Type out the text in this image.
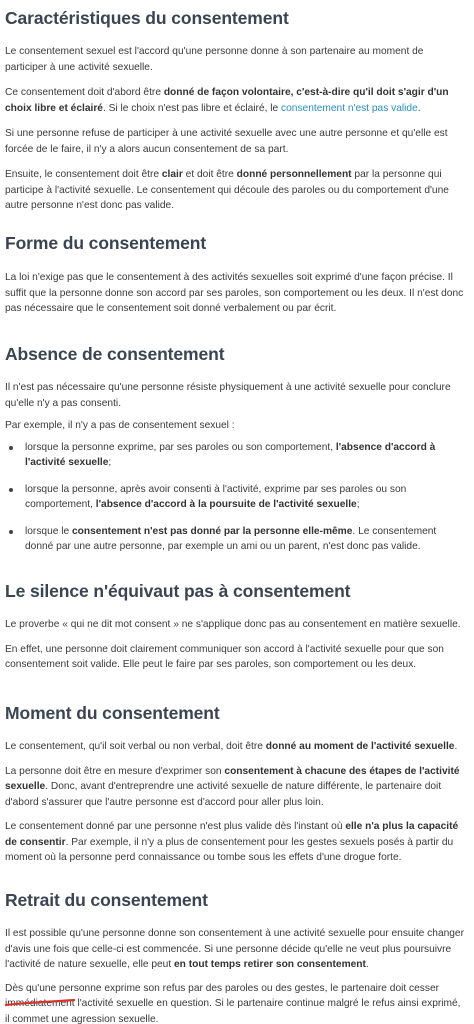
Caractéristiques du consentement

Le consentement sexuel est l'accord qu'une personne donne à son partenaire au moment de participer à une activité sexuelle.

Ce consentement doit d'abord être donné de façon volontaire, c'est-à-dire qu'il doit s'agir d'un choix libre et éclairé. Si le choix n'est pas libre et éclairé, le consentement n'est pas valide.

Si une personne refuse de participer à une activité sexuelle avec une autre personne et qu'elle est forcée de le faire, il n'y a alors aucun consentement de sa part.

Ensuite, le consentement doit être clair et doit être donné personnellement par la personne qui participe à l'activité sexuelle. Le consentement qui découle des paroles ou du comportement d'une autre personne n'est donc pas valide.

Forme du consentement

La loi n'exige pas que le consentement à des activités sexuelles soit exprimé d'une façon précise. Il suffit que la personne donne son accord par ses paroles, son comportement ou les deux. Il n'est donc pas nécessaire que le consentement soit donné verbalement ou par écrit.

Absence de consentement

Il n'est pas nécessaire qu'une personne résiste physiquement à une activité sexuelle pour conclure qu'elle n'y a pas consenti.

Par exemple, il n'y a pas de consentement sexuel :

lorsque la personne exprime, par ses paroles ou son comportement, l'absence d'accord à l'activité sexuelle;
lorsque la personne, après avoir consenti à l'activité, exprime par ses paroles ou son comportement, l'absence d'accord à la poursuite de l'activité sexuelle;
lorsque le consentement n'est pas donné par la personne elle-même. Le consentement donné par une autre personne, par exemple un ami ou un parent, n'est donc pas valide.
Le silence n'équivaut pas à consentement

Le proverbe « qui ne dit mot consent » ne s'applique donc pas au consentement en matière sexuelle.

En effet, une personne doit clairement communiquer son accord à l'activité sexuelle pour que son consentement soit valide. Elle peut le faire par ses paroles, son comportement ou les deux.

Moment du consentement

Le consentement, qu'il soit verbal ou non verbal, doit être donné au moment de l'activité sexuelle.

La personne doit être en mesure d'exprimer son consentement à chacune des étapes de l'activité sexuelle. Donc, avant d'entreprendre une activité sexuelle de nature différente, le partenaire doit d'abord s'assurer que l'autre personne est d'accord pour aller plus loin.

Le consentement donné par une personne n'est plus valide dès l'instant où elle n'a plus la capacité de consentir. Par exemple, il n'y a plus de consentement pour les gestes sexuels posés à partir du moment où la personne perd connaissance ou tombe sous les effets d'une drogue forte.

Retrait du consentement

Il est possible qu'une personne donne son consentement à une activité sexuelle pour ensuite changer d'avis une fois que celle-ci est commencée. Si une personne décide qu'elle ne veut plus poursuivre l'activité de nature sexuelle, elle peut en tout temps retirer son consentement.

Dès qu'une personne exprime son refus par des paroles ou des gestes, le partenaire doit cesser immédiatement l'activité sexuelle en question. Si le partenaire continue malgré le refus ainsi exprimé, il commet une agression sexuelle.
